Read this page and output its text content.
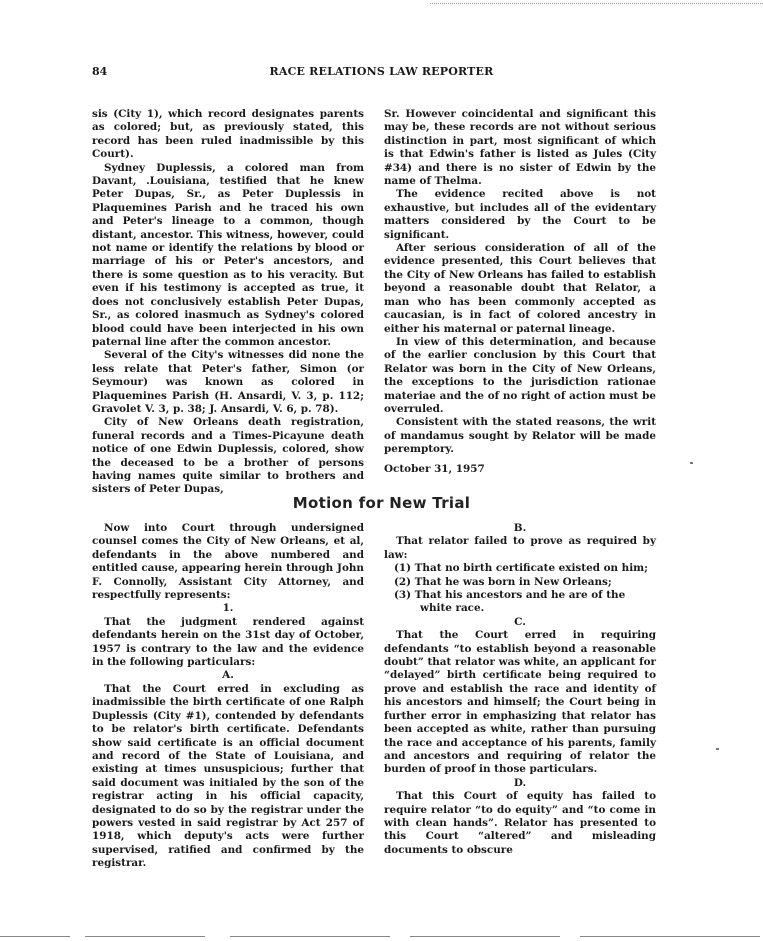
84	RACE RELATIONS LAW REPORTER

sis (City 1), which record designates parents as colored; but, as previously stated, this record has been ruled inadmissible by this Court).

Sydney Duplessis, a colored man from Davant, .Louisiana, testified that he knew Peter Dupas, Sr., as Peter Duplessis in Plaquemines Parish and he traced his own and Peter's lineage to a common, though distant, ancestor. This witness, however, could not name or identify the relations by blood or marriage of his or Peter's ancestors, and there is some question as to his veracity. But even if his testimony is accepted as true, it does not conclusively establish Peter Dupas, Sr., as colored inasmuch as Sydney's colored blood could have been interjected in his own paternal line after the common ancestor.

Several of the City's witnesses did none the less relate that Peter's father, Simon (or Seymour) was known as colored in Plaquemines Parish (H. Ansardi, V. 3, p. 112; Gravolet V. 3, p. 38; J. Ansardi, V. 6, p. 78).

City of New Orleans death registration, funeral records and a Times-Picayune death notice of one Edwin Duplessis, colored, show the deceased to be a brother of persons having names quite similar to brothers and sisters of Peter Dupas,

Sr. However coincidental and significant this may be, these records are not without serious distinction in part, most significant of which is that Edwin's father is listed as Jules (City #34) and there is no sister of Edwin by the name of Thelma.

The evidence recited above is not exhaustive, but includes all of the evidentary matters considered by the Court to be significant.

After serious consideration of all of the evidence presented, this Court believes that the City of New Orleans has failed to establish beyond a reasonable doubt that Relator, a man who has been commonly accepted as caucasian, is in fact of colored ancestry in either his maternal or paternal lineage.

In view of this determination, and because of the earlier conclusion by this Court that Relator was born in the City of New Orleans, the exceptions to the jurisdiction rationae materiae and the of no right of action must be overruled.

Consistent with the stated reasons, the writ of mandamus sought by Relator will be made peremptory.

October 31, 1957

Motion for New Trial

Now into Court through undersigned counsel comes the City of New Orleans, et al, defendants in the above numbered and entitled cause, appearing herein through John F. Connolly, Assistant City Attorney, and respectfully represents:

1.

That the judgment rendered against defendants herein on the 31st day of October, 1957 is contrary to the law and the evidence in the following particulars:

A.

That the Court erred in excluding as inadmissible the birth certificate of one Ralph Duplessis (City #1), contended by defendants to be relator's birth certificate. Defendants show said certificate is an official document and record of the State of Louisiana, and existing at times unsuspicious; further that said document was initialed by the son of the registrar acting in his official capacity, designated to do so by the registrar under the powers vested in said registrar by Act 257 of 1918, which deputy's acts were further supervised, ratified and confirmed by the registrar.

B.

That relator failed to prove as required by law:

(1) That no birth certificate existed on him;
(2) That he was born in New Orleans;
(3) That his ancestors and he are of the white race.

C.

That the Court erred in requiring defendants “to establish beyond a reasonable doubt” that relator was white, an applicant for “delayed” birth certificate being required to prove and establish the race and identity of his ancestors and himself; the Court being in further error in emphasizing that relator has been accepted as white, rather than pursuing the race and acceptance of his parents, family and ancestors and requiring of relator the burden of proof in those particulars.

D.

That this Court of equity has failed to require relator “to do equity” and “to come in with clean hands”. Relator has presented to this Court “altered” and misleading documents to obscure
